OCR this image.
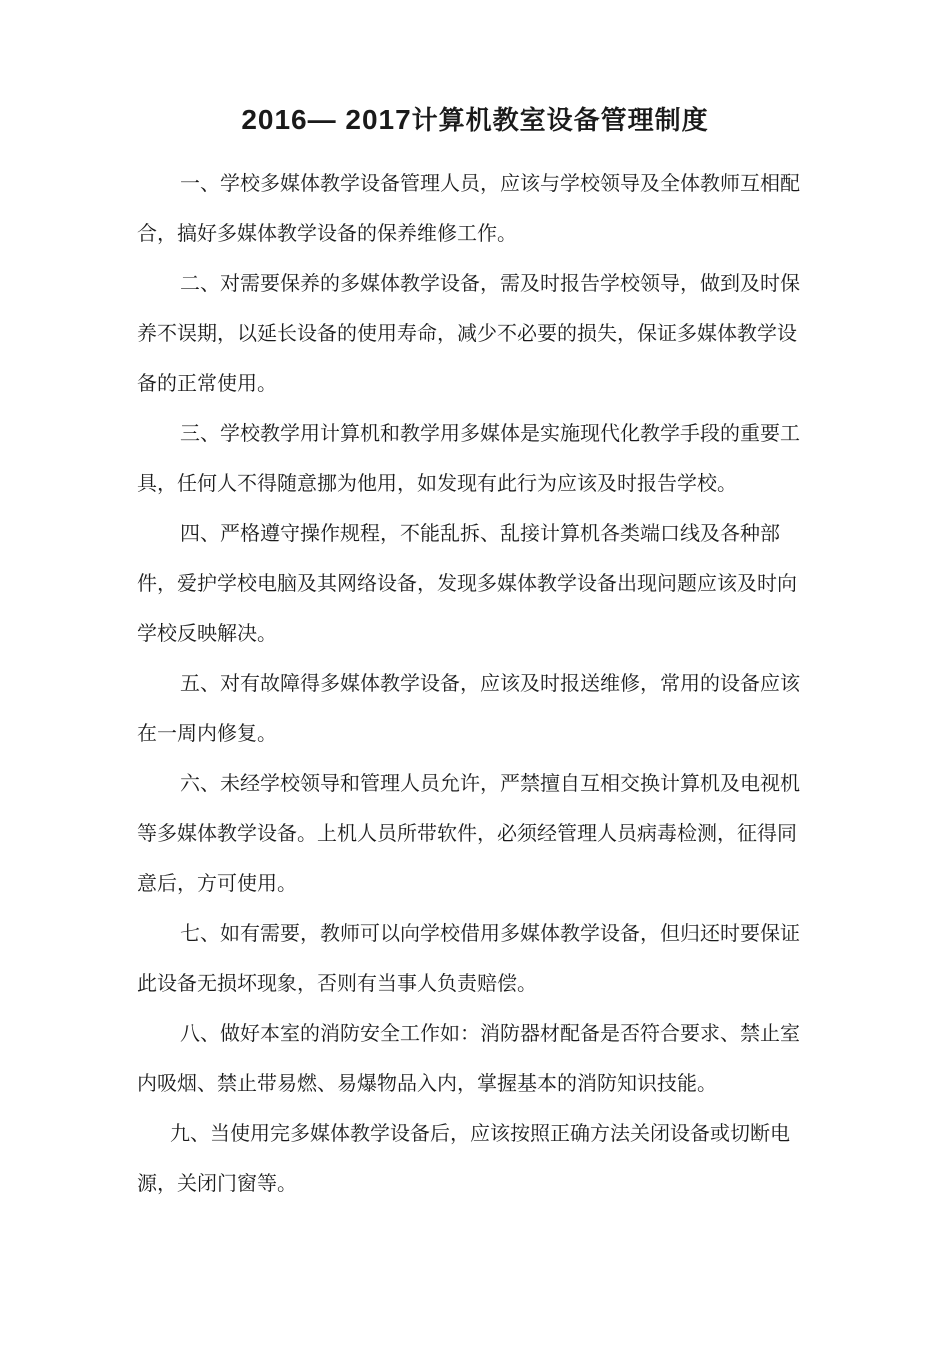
2016— 2017计算机教室设备管理制度

一、学校多媒体教学设备管理人员，应该与学校领导及全体教师互相配合，搞好多媒体教学设备的保养维修工作。

二、对需要保养的多媒体教学设备，需及时报告学校领导，做到及时保养不误期，以延长设备的使用寿命，减少不必要的损失，保证多媒体教学设备的正常使用。

三、学校教学用计算机和教学用多媒体是实施现代化教学手段的重要工具，任何人不得随意挪为他用，如发现有此行为应该及时报告学校。

四、严格遵守操作规程，不能乱拆、乱接计算机各类端口线及各种部件，爱护学校电脑及其网络设备，发现多媒体教学设备出现问题应该及时向学校反映解决。

五、对有故障得多媒体教学设备，应该及时报送维修，常用的设备应该在一周内修复。

六、未经学校领导和管理人员允许，严禁擅自互相交换计算机及电视机等多媒体教学设备。上机人员所带软件，必须经管理人员病毒检测，征得同意后，方可使用。

七、如有需要，教师可以向学校借用多媒体教学设备，但归还时要保证此设备无损坏现象，否则有当事人负责赔偿。

八、做好本室的消防安全工作如：消防器材配备是否符合要求、禁止室内吸烟、禁止带易燃、易爆物品入内，掌握基本的消防知识技能。

九、当使用完多媒体教学设备后，应该按照正确方法关闭设备或切断电源，关闭门窗等。
